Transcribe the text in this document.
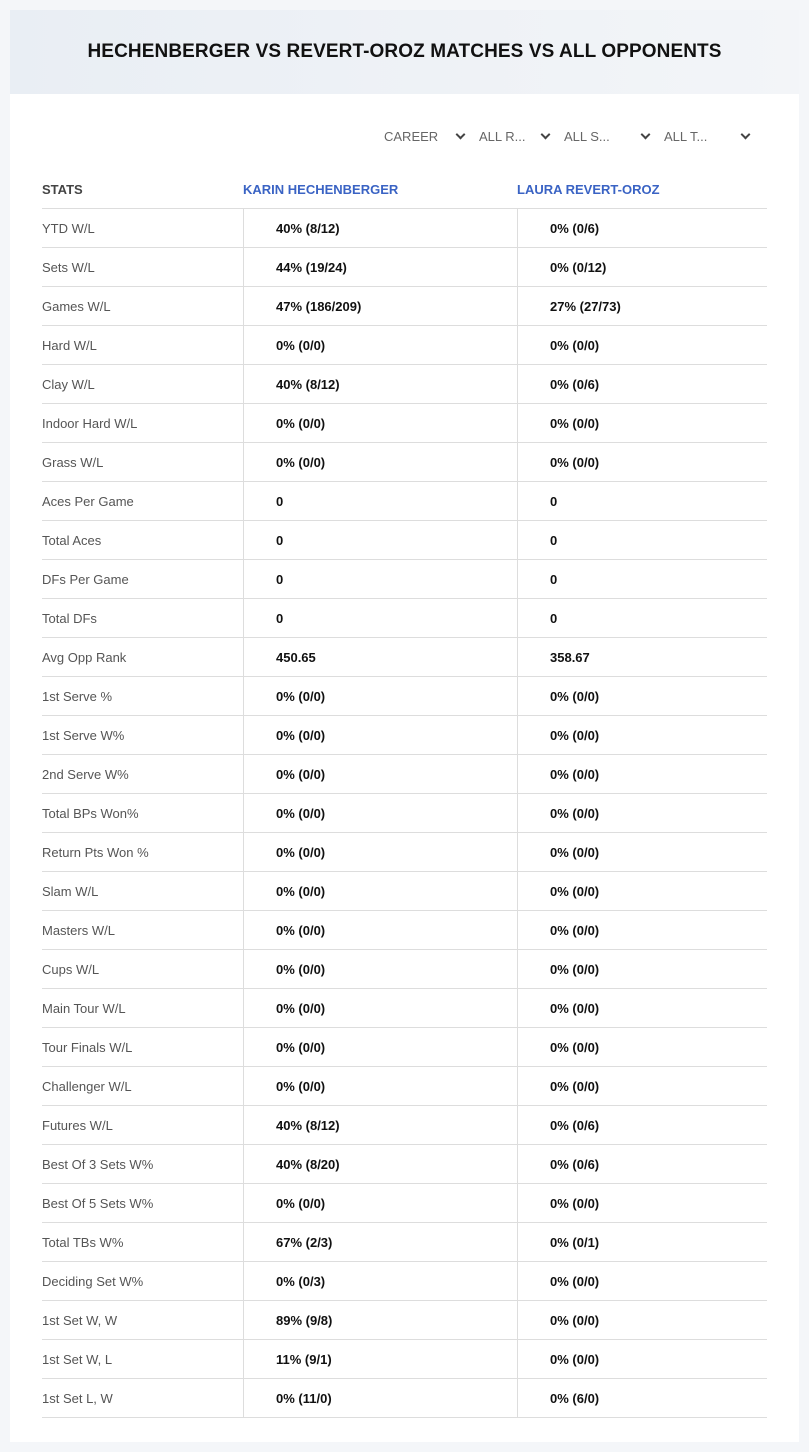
HECHENBERGER VS REVERT-OROZ MATCHES VS ALL OPPONENTS
CAREER	ALL R...	ALL S...	ALL T...
STATS	KARIN HECHENBERGER	LAURA REVERT-OROZ
YTD W/L	40% (8/12)	0% (0/6)
Sets W/L	44% (19/24)	0% (0/12)
Games W/L	47% (186/209)	27% (27/73)
Hard W/L	0% (0/0)	0% (0/0)
Clay W/L	40% (8/12)	0% (0/6)
Indoor Hard W/L	0% (0/0)	0% (0/0)
Grass W/L	0% (0/0)	0% (0/0)
Aces Per Game	0	0
Total Aces	0	0
DFs Per Game	0	0
Total DFs	0	0
Avg Opp Rank	450.65	358.67
1st Serve %	0% (0/0)	0% (0/0)
1st Serve W%	0% (0/0)	0% (0/0)
2nd Serve W%	0% (0/0)	0% (0/0)
Total BPs Won%	0% (0/0)	0% (0/0)
Return Pts Won %	0% (0/0)	0% (0/0)
Slam W/L	0% (0/0)	0% (0/0)
Masters W/L	0% (0/0)	0% (0/0)
Cups W/L	0% (0/0)	0% (0/0)
Main Tour W/L	0% (0/0)	0% (0/0)
Tour Finals W/L	0% (0/0)	0% (0/0)
Challenger W/L	0% (0/0)	0% (0/0)
Futures W/L	40% (8/12)	0% (0/6)
Best Of 3 Sets W%	40% (8/20)	0% (0/6)
Best Of 5 Sets W%	0% (0/0)	0% (0/0)
Total TBs W%	67% (2/3)	0% (0/1)
Deciding Set W%	0% (0/3)	0% (0/0)
1st Set W, W	89% (9/8)	0% (0/0)
1st Set W, L	11% (9/1)	0% (0/0)
1st Set L, W	0% (11/0)	0% (6/0)
